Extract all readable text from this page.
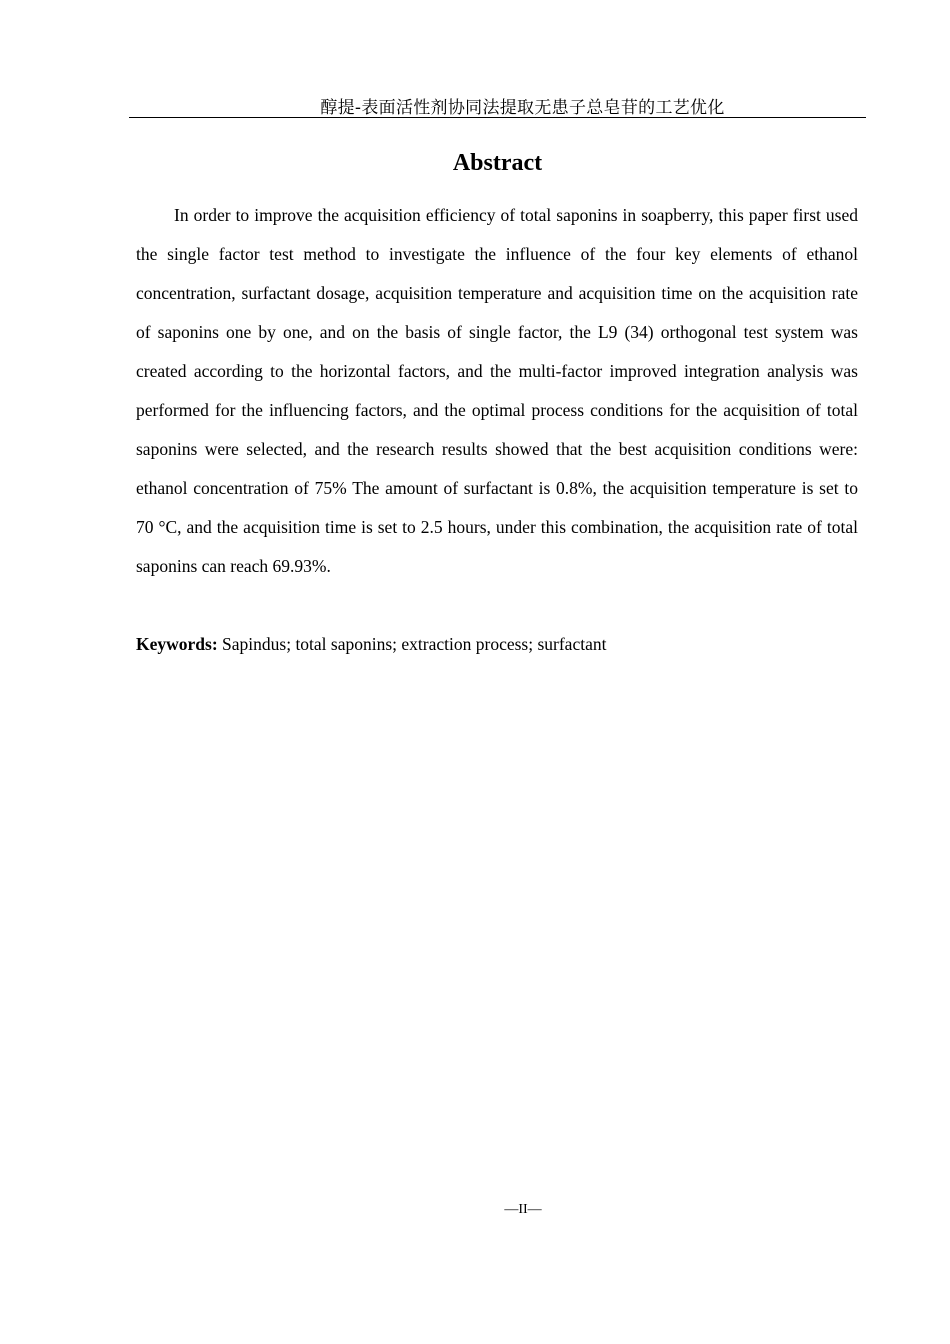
醇提-表面活性剂协同法提取无患子总皂苷的工艺优化
Abstract

In order to improve the acquisition efficiency of total saponins in soapberry, this paper first used the single factor test method to investigate the influence of the four key elements of ethanol concentration, surfactant dosage, acquisition temperature and acquisition time on the acquisition rate of saponins one by one, and on the basis of single factor, the L9 (34) orthogonal test system was created according to the horizontal factors, and the multi-factor improved integration analysis was performed for the influencing factors, and the optimal process conditions for the acquisition of total saponins were selected, and the research results showed that the best acquisition conditions were: ethanol concentration of 75% The amount of surfactant is 0.8%, the acquisition temperature is set to 70 °C, and the acquisition time is set to 2.5 hours, under this combination, the acquisition rate of total saponins can reach 69.93%.

Keywords: Sapindus; total saponins; extraction process; surfactant

—II—
